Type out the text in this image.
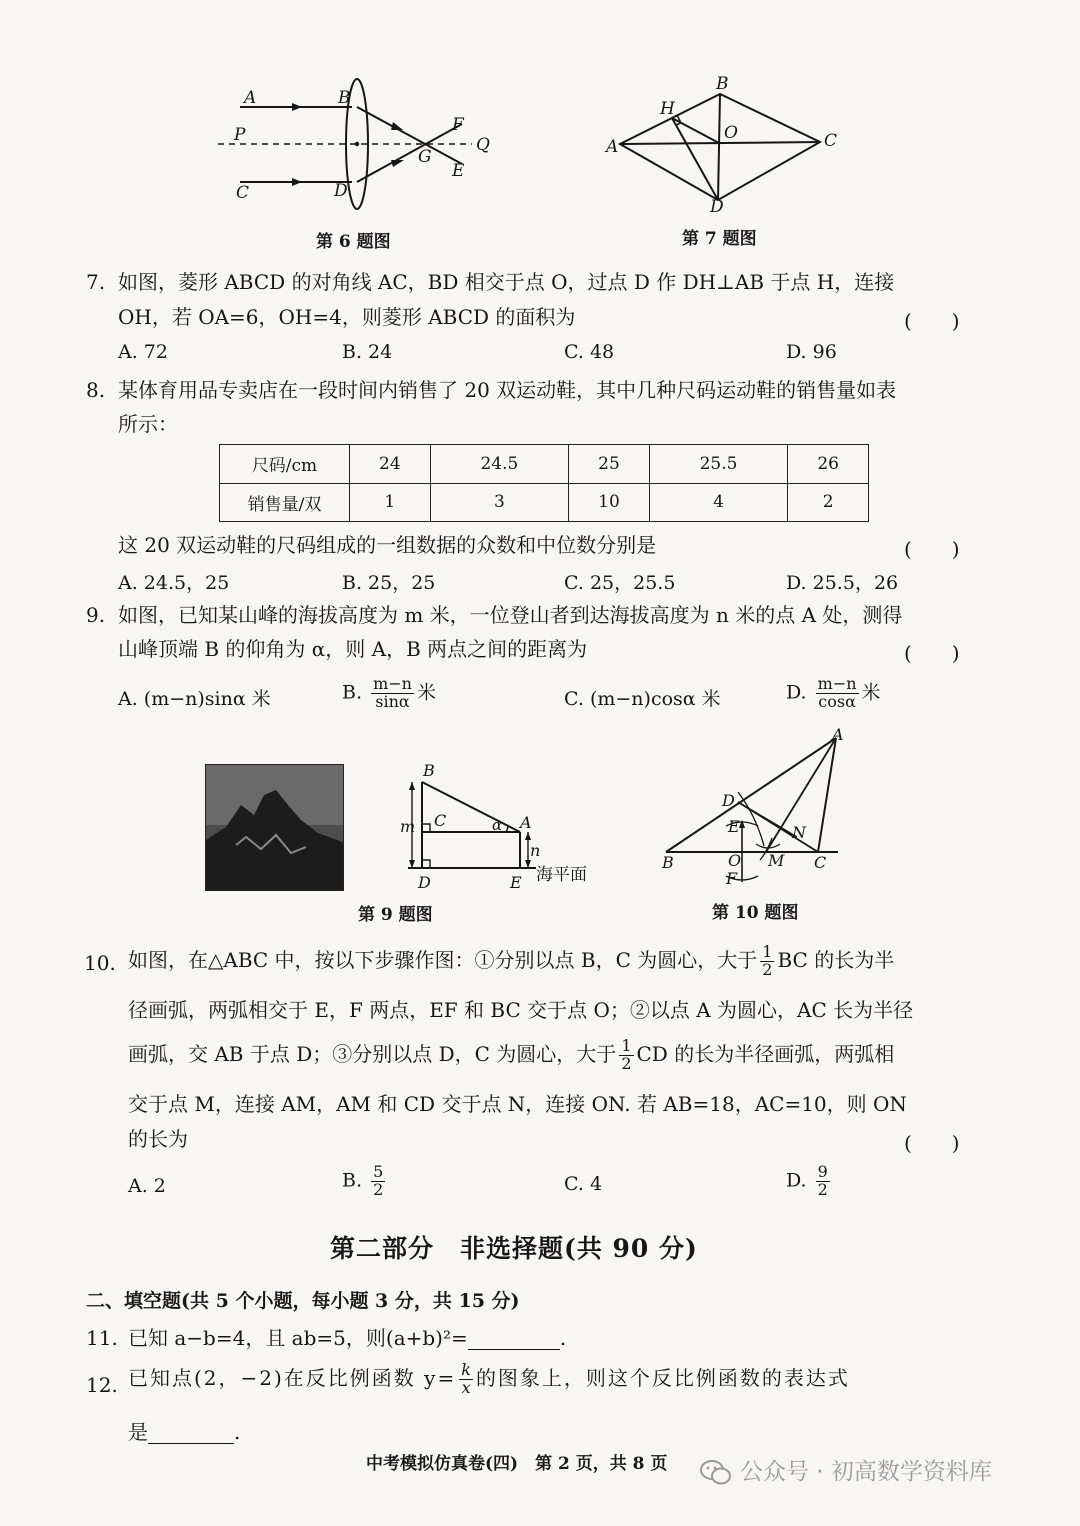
A	B
P
C	D
F
G
E
Q
第 6 题图
A
B
C
D
H
O
第 7 题图
7. 如图，菱形 ABCD 的对角线 AC，BD 相交于点 O，过点 D 作 DH⊥AB 于点 H，连接
OH，若 OA=6，OH=4，则菱形 ABCD 的面积为	(　　)
A. 72	B. 24	C. 48	D. 96
8. 某体育用品专卖店在一段时间内销售了 20 双运动鞋，其中几种尺码运动鞋的销售量如表
所示：
尺码/cm	24	24.5	25	25.5	26
销售量/双	1	3	10	4	2
这 20 双运动鞋的尺码组成的一组数据的众数和中位数分别是	(　　)
A. 24.5，25	B. 25，25	C. 25，25.5	D. 25.5，26
9. 如图，已知某山峰的海拔高度为 m 米，一位登山者到达海拔高度为 n 米的点 A 处，测得
山峰顶端 B 的仰角为 α，则 A，B 两点之间的距离为	(　　)
A. (m−n)sinα 米	B. $\frac{m-n}{\sin\alpha}$ 米	C. (m−n)cosα 米	D. $\frac{m-n}{\cos\alpha}$ 米
B
C	α A
m
n
D	E 海平面
第 9 题图
A
D
E	N
B	O M C
F
第 10 题图
10. 如图，在△ABC 中，按以下步骤作图：①分别以点 B，C 为圆心，大于 $\frac{1}{2}$ BC 的长为半
径画弧，两弧相交于 E，F 两点，EF 和 BC 交于点 O；②以点 A 为圆心，AC 长为半径
画弧，交 AB 于点 D；③分别以点 D，C 为圆心，大于 $\frac{1}{2}$ CD 的长为半径画弧，两弧相
交于点 M，连接 AM，AM 和 CD 交于点 N，连接 ON. 若 AB=18，AC=10，则 ON
的长为	(　　)
A. 2	B. $\frac{5}{2}$	C. 4	D. $\frac{9}{2}$
第二部分　非选择题(共 90 分)
二、填空题(共 5 个小题，每小题 3 分，共 15 分)
11. 已知 a−b=4，且 ab=5，则(a+b)²=	.
12. 已知点(2，−2)在反比例函数 $y= \frac{k}{x}$ 的图象上，则这个反比例函数的表达式
是	.
中考模拟仿真卷(四)　第 2 页，共 8 页	公众号 · 初高数学资料库
